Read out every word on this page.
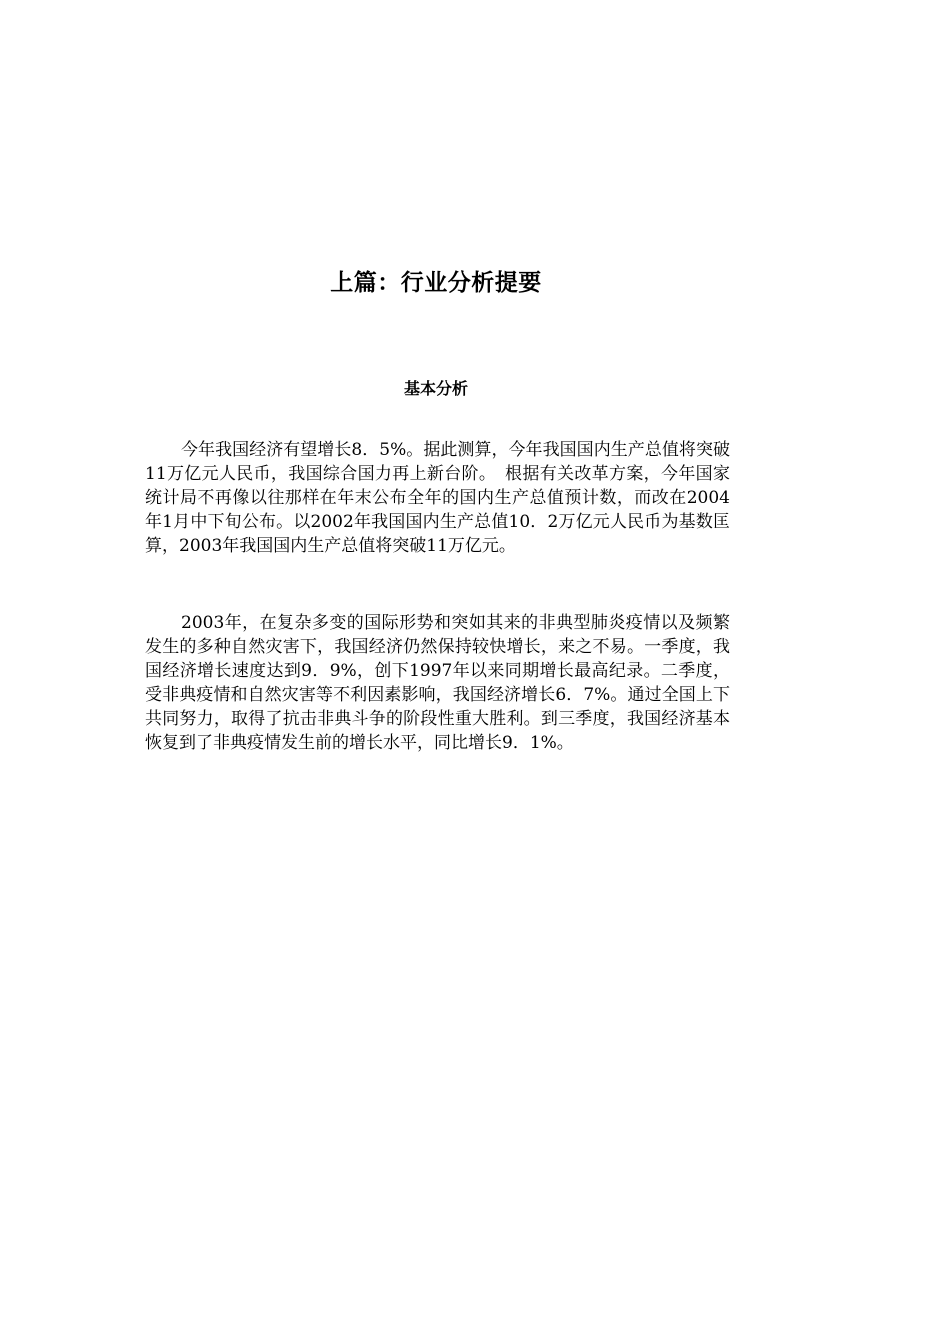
上篇：行业分析提要
基本分析

今年我国经济有望增长8．5%。据此测算，今年我国国内生产总值将突破11万亿元人民币，我国综合国力再上新台阶。　根据有关改革方案，今年国家统计局不再像以往那样在年末公布全年的国内生产总值预计数，而改在2004年1月中下旬公布。以2002年我国国内生产总值10．2万亿元人民币为基数匡算，2003年我国国内生产总值将突破11万亿元。

2003年，在复杂多变的国际形势和突如其来的非典型肺炎疫情以及频繁发生的多种自然灾害下，我国经济仍然保持较快增长，来之不易。一季度，我国经济增长速度达到9．9%，创下1997年以来同期增长最高纪录。二季度，受非典疫情和自然灾害等不利因素影响，我国经济增长6．7%。通过全国上下共同努力，取得了抗击非典斗争的阶段性重大胜利。到三季度，我国经济基本恢复到了非典疫情发生前的增长水平，同比增长9．1%。
